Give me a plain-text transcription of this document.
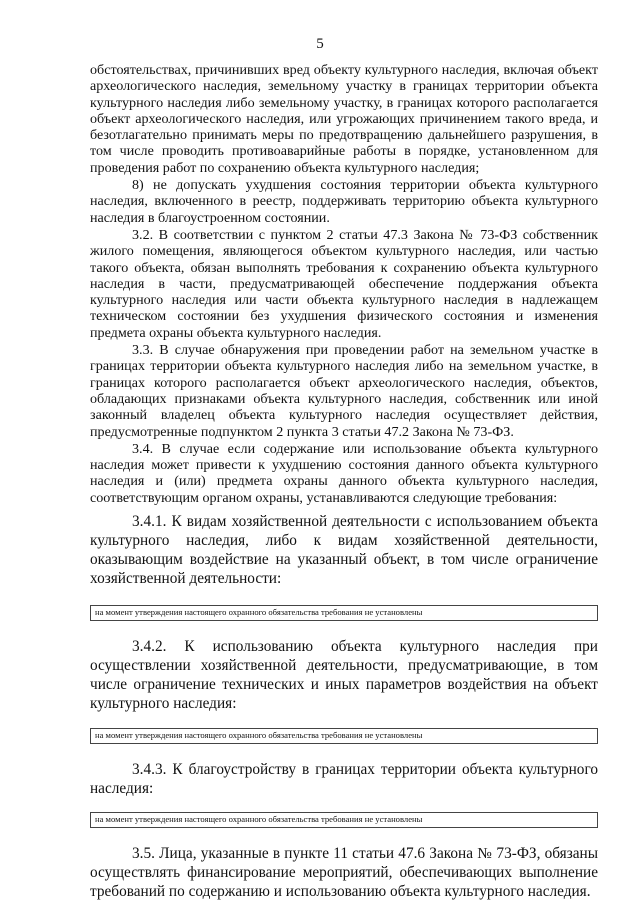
5

обстоятельствах, причинивших вред объекту культурного наследия, включая объект археологического наследия, земельному участку в границах территории объекта культурного наследия либо земельному участку, в границах которого располагается объект археологического наследия, или угрожающих причинением такого вреда, и безотлагательно принимать меры по предотвращению дальнейшего разрушения, в том числе проводить противоаварийные работы в порядке, установленном для проведения работ по сохранению объекта культурного наследия;

8) не допускать ухудшения состояния территории объекта культурного наследия, включенного в реестр, поддерживать территорию объекта культурного наследия в благоустроенном состоянии.

3.2. В соответствии с пунктом 2 статьи 47.3 Закона № 73-ФЗ собственник жилого помещения, являющегося объектом культурного наследия, или частью такого объекта, обязан выполнять требования к сохранению объекта культурного наследия в части, предусматривающей обеспечение поддержания объекта культурного наследия или части объекта культурного наследия в надлежащем техническом состоянии без ухудшения физического состояния и изменения предмета охраны объекта культурного наследия.

3.3. В случае обнаружения при проведении работ на земельном участке в границах территории объекта культурного наследия либо на земельном участке, в границах которого располагается объект археологического наследия, объектов, обладающих признаками объекта культурного наследия, собственник или иной законный владелец объекта культурного наследия осуществляет действия, предусмотренные подпунктом 2 пункта 3 статьи 47.2 Закона № 73-ФЗ.

3.4. В случае если содержание или использование объекта культурного наследия может привести к ухудшению состояния данного объекта культурного наследия и (или) предмета охраны данного объекта культурного наследия, соответствующим органом охраны, устанавливаются следующие требования:

3.4.1. К видам хозяйственной деятельности с использованием объекта культурного наследия, либо к видам хозяйственной деятельности, оказывающим воздействие на указанный объект, в том числе ограничение хозяйственной деятельности:

на момент утверждения настоящего охранного обязательства требования не установлены

3.4.2. К использованию объекта культурного наследия при осуществлении хозяйственной деятельности, предусматривающие, в том числе ограничение технических и иных параметров воздействия на объект культурного наследия:

на момент утверждения настоящего охранного обязательства требования не установлены

3.4.3. К благоустройству в границах территории объекта культурного наследия:

на момент утверждения настоящего охранного обязательства требования не установлены

3.5. Лица, указанные в пункте 11 статьи 47.6 Закона № 73-ФЗ, обязаны осуществлять финансирование мероприятий, обеспечивающих выполнение требований по содержанию и использованию объекта культурного наследия.
